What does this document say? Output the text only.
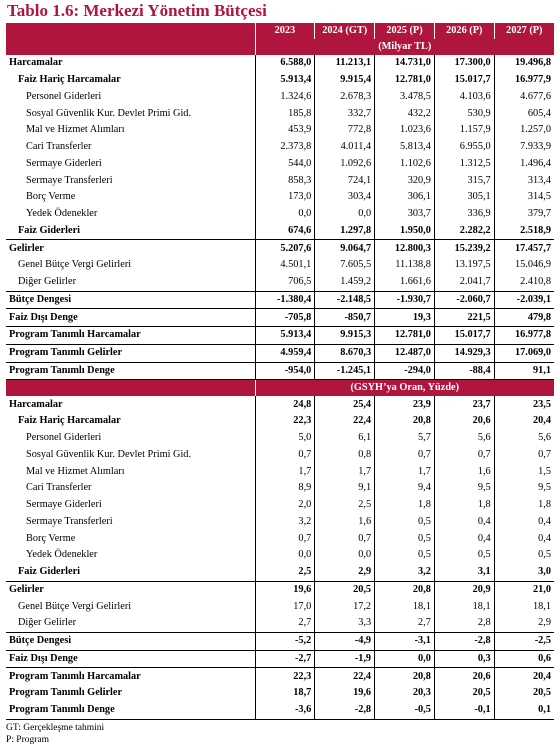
Tablo 1.6: Merkezi Yönetim Bütçesi
	2023	2024 (GT)	2025 (P)	2026 (P)	2027 (P)
	(Milyar TL)				
Harcamalar	6.588,0	11.213,1	14.731,0	17.300,0	19.496,8
Faiz Hariç Harcamalar	5.913,4	9.915,4	12.781,0	15.017,7	16.977,9
Personel Giderleri	1.324,6	2.678,3	3.478,5	4.103,6	4.677,6
Sosyal Güvenlik Kur. Devlet Primi Gid.	185,8	332,7	432,2	530,9	605,4
Mal ve Hizmet Alımları	453,9	772,8	1.023,6	1.157,9	1.257,0
Cari Transferler	2.373,8	4.011,4	5.813,4	6.955,0	7.933,9
Sermaye Giderleri	544,0	1.092,6	1.102,6	1.312,5	1.496,4
Sermaye Transferleri	858,3	724,1	320,9	315,7	313,4
Borç Verme	173,0	303,4	306,1	305,1	314,5
Yedek Ödenekler	0,0	0,0	303,7	336,9	379,7
Faiz Giderleri	674,6	1.297,8	1.950,0	2.282,2	2.518,9
Gelirler	5.207,6	9.064,7	12.800,3	15.239,2	17.457,7
Genel Bütçe Vergi Gelirleri	4.501,1	7.605,5	11.138,8	13.197,5	15.046,9
Diğer Gelirler	706,5	1.459,2	1.661,6	2.041,7	2.410,8
Bütçe Dengesi	-1.380,4	-2.148,5	-1.930,7	-2.060,7	-2.039,1
Faiz Dışı Denge	-705,8	-850,7	19,3	221,5	479,8
Program Tanımlı Harcamalar	5.913,4	9.915,3	12.781,0	15.017,7	16.977,8
Program Tanımlı Gelirler	4.959,4	8.670,3	12.487,0	14.929,3	17.069,0
Program Tanımlı Denge	-954,0	-1.245,1	-294,0	-88,4	91,1
	(GSYH’ya Oran, Yüzde)				
Harcamalar	24,8	25,4	23,9	23,7	23,5
Faiz Hariç Harcamalar	22,3	22,4	20,8	20,6	20,4
Personel Giderleri	5,0	6,1	5,7	5,6	5,6
Sosyal Güvenlik Kur. Devlet Primi Gid.	0,7	0,8	0,7	0,7	0,7
Mal ve Hizmet Alımları	1,7	1,7	1,7	1,6	1,5
Cari Transferler	8,9	9,1	9,4	9,5	9,5
Sermaye Giderleri	2,0	2,5	1,8	1,8	1,8
Sermaye Transferleri	3,2	1,6	0,5	0,4	0,4
Borç Verme	0,7	0,7	0,5	0,4	0,4
Yedek Ödenekler	0,0	0,0	0,5	0,5	0,5
Faiz Giderleri	2,5	2,9	3,2	3,1	3,0
Gelirler	19,6	20,5	20,8	20,9	21,0
Genel Bütçe Vergi Gelirleri	17,0	17,2	18,1	18,1	18,1
Diğer Gelirler	2,7	3,3	2,7	2,8	2,9
Bütçe Dengesi	-5,2	-4,9	-3,1	-2,8	-2,5
Faiz Dışı Denge	-2,7	-1,9	0,0	0,3	0,6
Program Tanımlı Harcamalar	22,3	22,4	20,8	20,6	20,4
Program Tanımlı Gelirler	18,7	19,6	20,3	20,5	20,5
Program Tanımlı Denge	-3,6	-2,8	-0,5	-0,1	0,1
GT: Gerçekleşme tahmini
P: Program
